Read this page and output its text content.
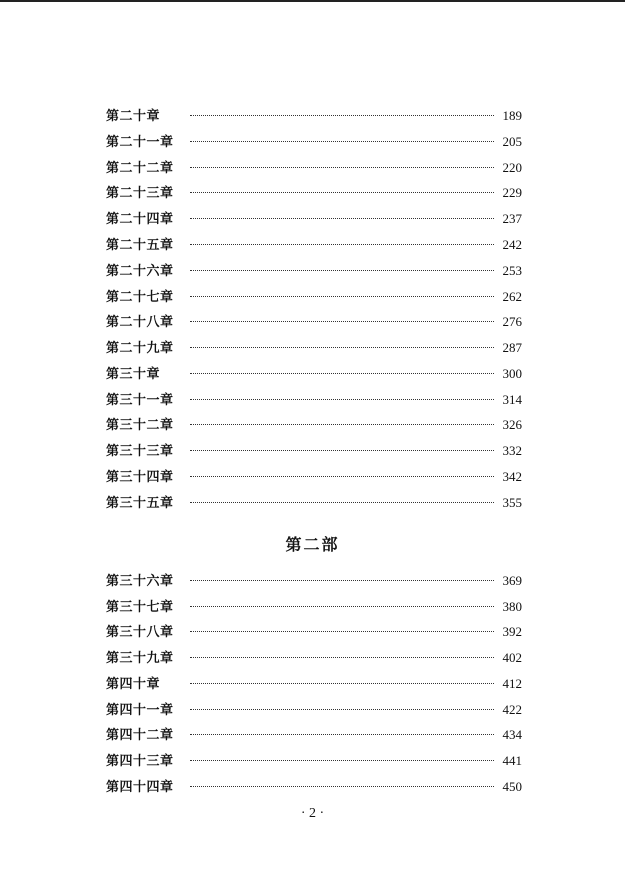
第二十章	189
第二十一章	205
第二十二章	220
第二十三章	229
第二十四章	237
第二十五章	242
第二十六章	253
第二十七章	262
第二十八章	276
第二十九章	287
第三十章	300
第三十一章	314
第三十二章	326
第三十三章	332
第三十四章	342
第三十五章	355
第二部
第三十六章	369
第三十七章	380
第三十八章	392
第三十九章	402
第四十章	412
第四十一章	422
第四十二章	434
第四十三章	441
第四十四章	450
· 2 ·
